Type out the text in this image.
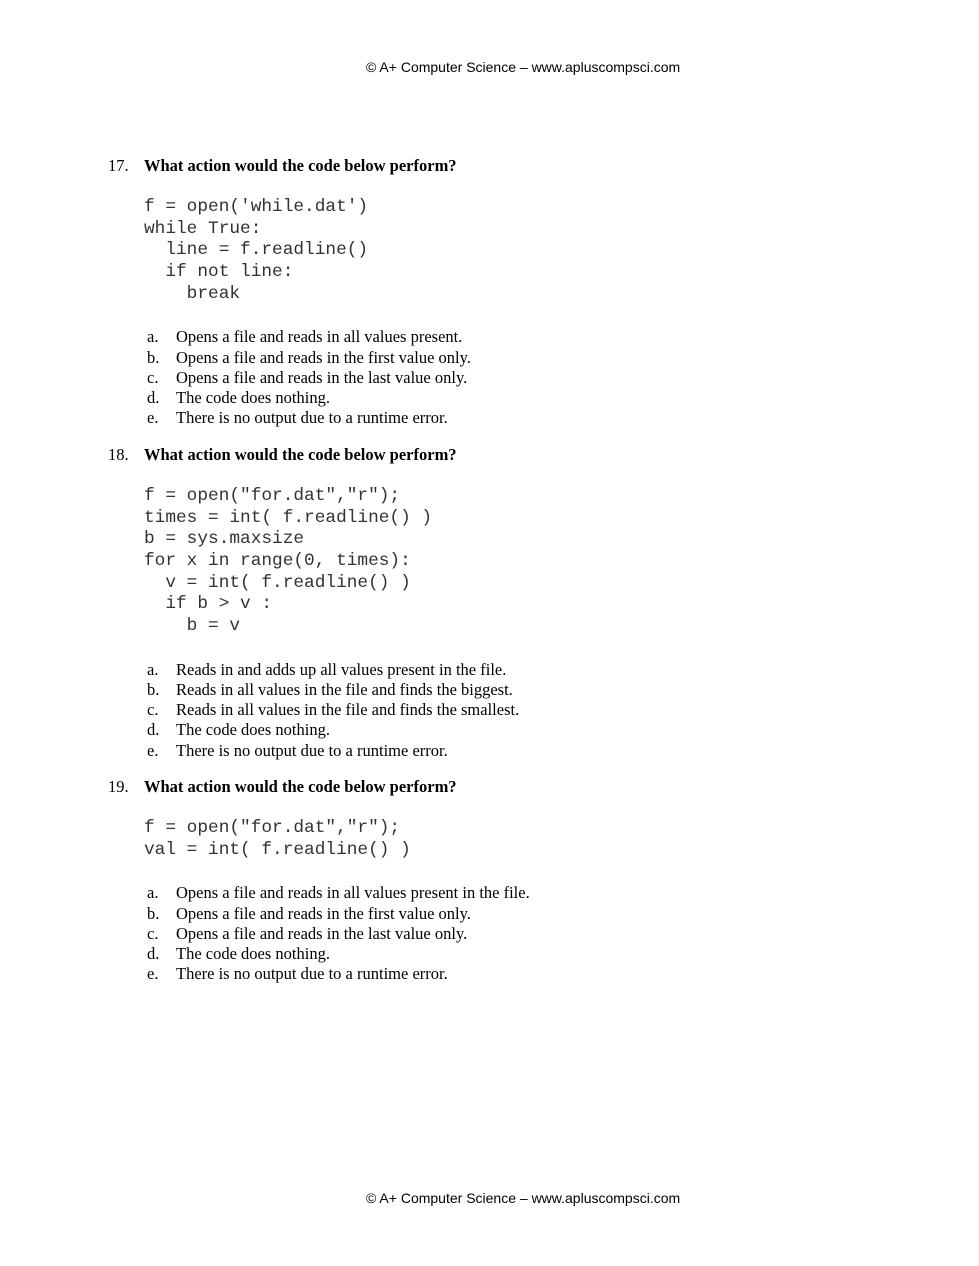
© A+ Computer Science – www.apluscompsci.com
17. What action would the code below perform?
f = open('while.dat')
while True:
line = f.readline()
if not line:
break
a.	Opens a file and reads in all values present.
b.	Opens a file and reads in the first value only.
c.	Opens a file and reads in the last value only.
d.	The code does nothing.
e.	There is no output due to a runtime error.
18. What action would the code below perform?
f = open("for.dat","r");
times = int( f.readline() )
b = sys.maxsize
for x in range(0, times):
v = int( f.readline() )
if b > v :
b = v
a.	Reads in and adds up all values present in the file.
b.	Reads in all values in the file and finds the biggest.
c.	Reads in all values in the file and finds the smallest.
d.	The code does nothing.
e.	There is no output due to a runtime error.
19. What action would the code below perform?
f = open("for.dat","r");
val = int( f.readline() )
a.	Opens a file and reads in all values present in the file.
b.	Opens a file and reads in the first value only.
c.	Opens a file and reads in the last value only.
d.	The code does nothing.
e.	There is no output due to a runtime error.
© A+ Computer Science – www.apluscompsci.com
